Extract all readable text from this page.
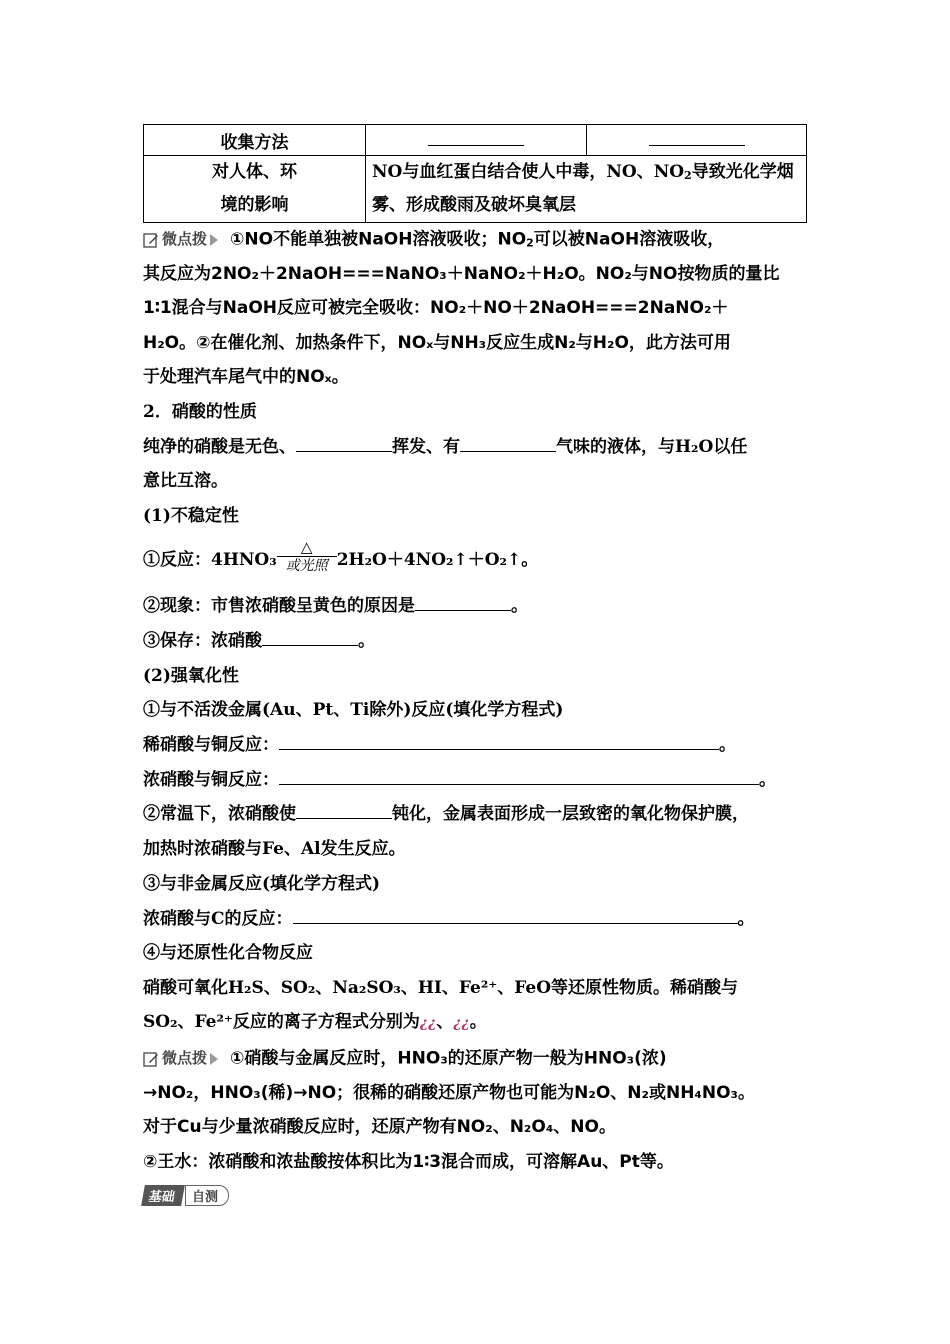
收集方法		
对人体、环
境的影响	NO与血红蛋白结合使人中毒，NO、$NO_2$导致光化学烟雾、形成酸雨及破坏臭氧层	
微点拨 ①NO不能单独被NaOH溶液吸收；$NO_2$可以被NaOH溶液吸收，
其反应为2NO₂＋2NaOH===NaNO₃＋NaNO₂＋H₂O。NO₂与NO按物质的量比
1∶1混合与NaOH反应可被完全吸收：NO₂＋NO＋2NaOH===2NaNO₂＋
H₂O。②在催化剂、加热条件下，NOₓ与NH₃反应生成N₂与H₂O，此方法可用
于处理汽车尾气中的NOₓ。
2．硝酸的性质
纯净的硝酸是无色、	挥发、有	气味的液体，与H₂O以任
意比互溶。
(1)不稳定性
①反应：4HNO₃
△
或光照 2H₂O＋4NO₂↑＋O₂↑。
②现象：市售浓硝酸呈黄色的原因是	。
③保存：浓硝酸	。
(2)强氧化性
①与不活泼金属(Au、Pt、Ti除外)反应(填化学方程式)
稀硝酸与铜反应：	。
浓硝酸与铜反应：	。
②常温下，浓硝酸使	钝化，金属表面形成一层致密的氧化物保护膜，
加热时浓硝酸与Fe、Al发生反应。
③与非金属反应(填化学方程式)
浓硝酸与C的反应：	。
④与还原性化合物反应
硝酸可氧化H₂S、SO₂、Na₂SO₃、HI、Fe²⁺、FeO等还原性物质。稀硝酸与
SO₂、Fe²⁺反应的离子方程式分别为¿¿、¿¿。
微点拨 ①硝酸与金属反应时，HNO₃的还原产物一般为HNO₃(浓)
→NO₂，HNO₃(稀)→NO；很稀的硝酸还原产物也可能为N₂O、N₂或NH₄NO₃。
对于Cu与少量浓硝酸反应时，还原产物有NO₂、N₂O₄、NO。
②王水：浓硝酸和浓盐酸按体积比为1∶3混合而成，可溶解Au、Pt等。
基础	自测
